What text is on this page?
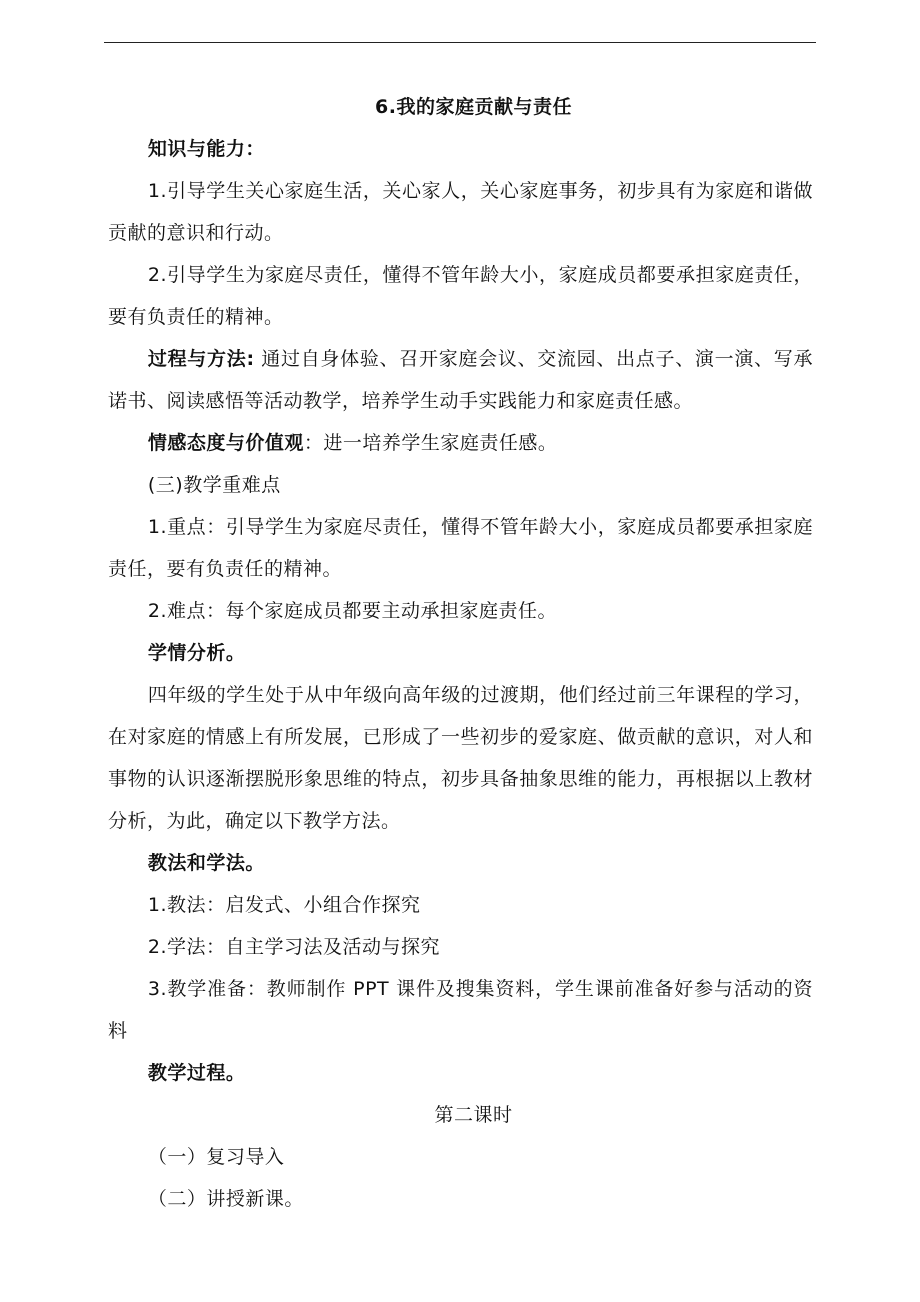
6.我的家庭贡献与责任

知识与能力：

1.引导学生关心家庭生活，关心家人，关心家庭事务，初步具有为家庭和谐做贡献的意识和行动。

2.引导学生为家庭尽责任，懂得不管年龄大小，家庭成员都要承担家庭责任，要有负责任的精神。

过程与方法: 通过自身体验、召开家庭会议、交流园、出点子、演一演、写承诺书、阅读感悟等活动教学，培养学生动手实践能力和家庭责任感。

情感态度与价值观：进一培养学生家庭责任感。

(三)教学重难点

1.重点：引导学生为家庭尽责任，懂得不管年龄大小，家庭成员都要承担家庭责任，要有负责任的精神。

2.难点：每个家庭成员都要主动承担家庭责任。

学情分析。

四年级的学生处于从中年级向高年级的过渡期，他们经过前三年课程的学习，在对家庭的情感上有所发展，已形成了一些初步的爱家庭、做贡献的意识，对人和事物的认识逐渐摆脱形象思维的特点，初步具备抽象思维的能力，再根据以上教材分析，为此，确定以下教学方法。

教法和学法。

1.教法：启发式、小组合作探究

2.学法：自主学习法及活动与探究

3.教学准备：教师制作 PPT 课件及搜集资料，学生课前准备好参与活动的资料

教学过程。

第二课时

（一）复习导入

（二）讲授新课。
